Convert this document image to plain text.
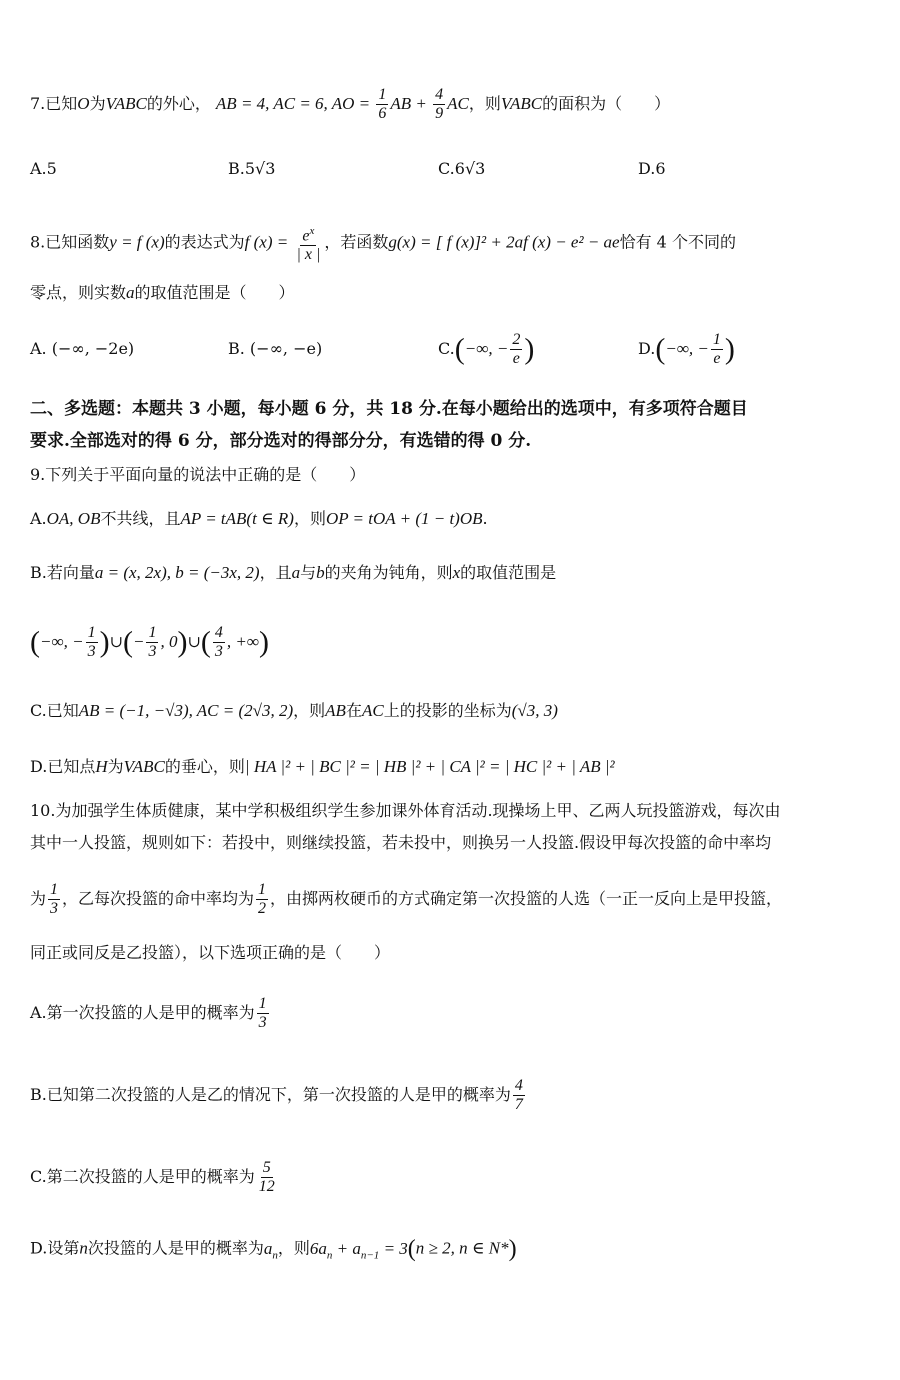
7.已知O为VABC的外心， AB = 4, AC = 6, AO = $\frac{1}{6}$ AB + $\frac{4}{9}$ AC，则VABC的面积为（　　）
A.5	B.5√3	C.6√3	D.6
8.已知函数y = f (x)的表达式为f $(x) = \frac{e^x}{| x |}$ ，若函数g(x) = [ f (x)]² + 2af (x) − e² − ae恰有 4 个不同的
零点，则实数a的取值范围是（　　）
A. (−∞, −2e)	B. (−∞, −e)	C.(−∞, − $\frac{2}{e}$ )	D.(−∞, − $\frac{1}{e}$ )
二、多选题：本题共 3 小题，每小题 6 分，共 18 分.在每小题给出的选项中，有多项符合题目
要求.全部选对的得 6 分，部分选对的得部分分，有选错的得 0 分.
9.下列关于平面向量的说法中正确的是（　　）
A.OA, OB不共线，且AP = tAB(t ∈ R)，则OP = tOA + (1 − t)OB.
B.若向量a = (x, 2x), b = (−3x, 2)，且a与b的夹角为钝角，则x的取值范围是
(−∞, − $\frac{1}{3}$ )∪(− $\frac{1}{3}$ , 0)∪( $\frac{4}{3}$ , +∞)
C.已知AB = (−1, −√3), AC = (2√3, 2)，则AB在AC上的投影的坐标为(√3, 3)
D.已知点H为VABC的垂心，则| HA |² + | BC |² = | HB |² + | CA |² = | HC |² + | AB |²
10.为加强学生体质健康，某中学积极组织学生参加课外体育活动.现操场上甲、乙两人玩投篮游戏，每次由
其中一人投篮，规则如下：若投中，则继续投篮，若未投中，则换另一人投篮.假设甲每次投篮的命中率均
为 $\frac{1}{3}$ ，乙每次投篮的命中率均为 $\frac{1}{2}$ ，由掷两枚硬币的方式确定第一次投篮的人选（一正一反向上是甲投篮，
同正或同反是乙投篮），以下选项正确的是（　　）
A.第一次投篮的人是甲的概率为 $\frac{1}{3}$
B.已知第二次投篮的人是乙的情况下，第一次投篮的人是甲的概率为 $\frac{4}{7}$
C.第二次投篮的人是甲的概率为 $\frac{5}{12}$
D.设第n次投篮的人是甲的概率为$a_n$，则$6a_n + a_{n-1} = 3(n \ge 2$, n ∈ N*)
